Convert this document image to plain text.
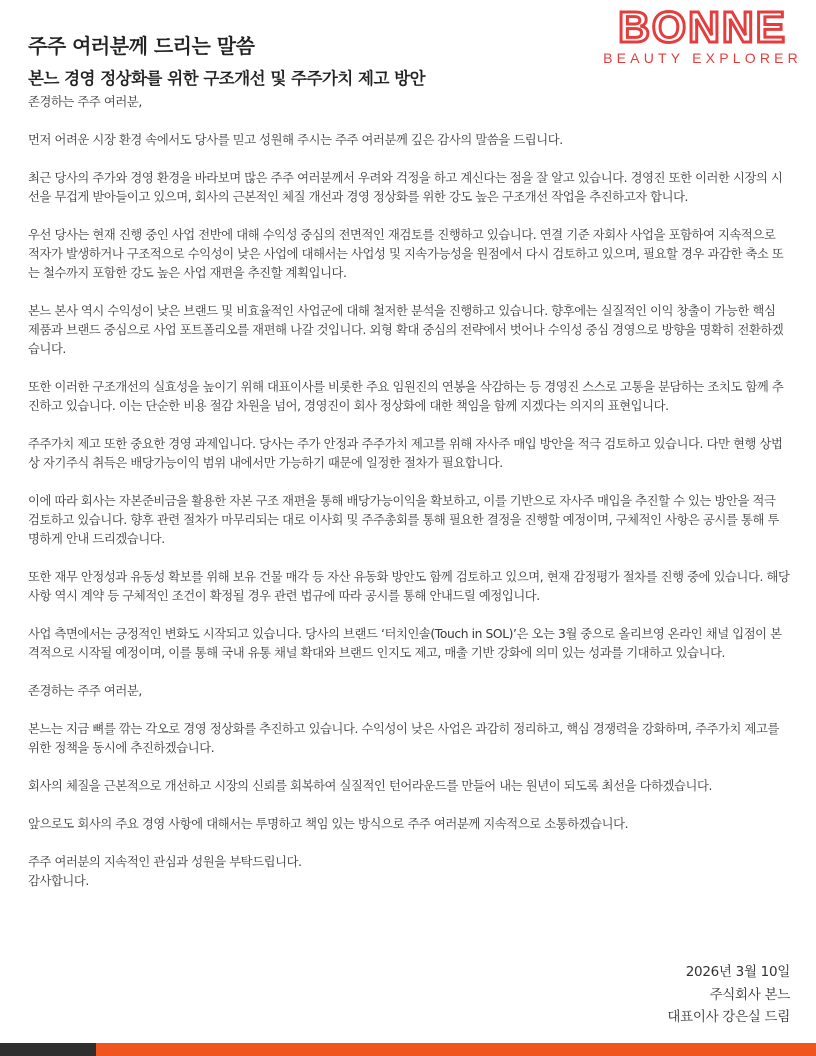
BONNE
BEAUTY EXPLORER
주주 여러분께 드리는 말씀
본느 경영 정상화를 위한 구조개선 및 주주가치 제고 방안

존경하는 주주 여러분,

먼저 어려운 시장 환경 속에서도 당사를 믿고 성원해 주시는 주주 여러분께 깊은 감사의 말씀을 드립니다.

최근 당사의 주가와 경영 환경을 바라보며 많은 주주 여러분께서 우려와 걱정을 하고 계신다는 점을 잘 알고 있습니다. 경영진 또한 이러한 시장의 시선을 무겁게 받아들이고 있으며, 회사의 근본적인 체질 개선과 경영 정상화를 위한 강도 높은 구조개선 작업을 추진하고자 합니다.

우선 당사는 현재 진행 중인 사업 전반에 대해 수익성 중심의 전면적인 재검토를 진행하고 있습니다. 연결 기준 자회사 사업을 포함하여 지속적으로 적자가 발생하거나 구조적으로 수익성이 낮은 사업에 대해서는 사업성 및 지속가능성을 원점에서 다시 검토하고 있으며, 필요할 경우 과감한 축소 또는 철수까지 포함한 강도 높은 사업 재편을 추진할 계획입니다.

본느 본사 역시 수익성이 낮은 브랜드 및 비효율적인 사업군에 대해 철저한 분석을 진행하고 있습니다. 향후에는 실질적인 이익 창출이 가능한 핵심 제품과 브랜드 중심으로 사업 포트폴리오를 재편해 나갈 것입니다. 외형 확대 중심의 전략에서 벗어나 수익성 중심 경영으로 방향을 명확히 전환하겠습니다.

또한 이러한 구조개선의 실효성을 높이기 위해 대표이사를 비롯한 주요 임원진의 연봉을 삭감하는 등 경영진 스스로 고통을 분담하는 조치도 함께 추진하고 있습니다. 이는 단순한 비용 절감 차원을 넘어, 경영진이 회사 정상화에 대한 책임을 함께 지겠다는 의지의 표현입니다.

주주가치 제고 또한 중요한 경영 과제입니다. 당사는 주가 안정과 주주가치 제고를 위해 자사주 매입 방안을 적극 검토하고 있습니다. 다만 현행 상법상 자기주식 취득은 배당가능이익 범위 내에서만 가능하기 때문에 일정한 절차가 필요합니다.

이에 따라 회사는 자본준비금을 활용한 자본 구조 재편을 통해 배당가능이익을 확보하고, 이를 기반으로 자사주 매입을 추진할 수 있는 방안을 적극 검토하고 있습니다. 향후 관련 절차가 마무리되는 대로 이사회 및 주주총회를 통해 필요한 결정을 진행할 예정이며, 구체적인 사항은 공시를 통해 투명하게 안내 드리겠습니다.

또한 재무 안정성과 유동성 확보를 위해 보유 건물 매각 등 자산 유동화 방안도 함께 검토하고 있으며, 현재 감정평가 절차를 진행 중에 있습니다. 해당 사항 역시 계약 등 구체적인 조건이 확정될 경우 관련 법규에 따라 공시를 통해 안내드릴 예정입니다.

사업 측면에서는 긍정적인 변화도 시작되고 있습니다. 당사의 브랜드 ‘터치인솔(Touch in SOL)’은 오는 3월 중으로 올리브영 온라인 채널 입점이 본격적으로 시작될 예정이며, 이를 통해 국내 유통 채널 확대와 브랜드 인지도 제고, 매출 기반 강화에 의미 있는 성과를 기대하고 있습니다.

존경하는 주주 여러분,

본느는 지금 뼈를 깎는 각오로 경영 정상화를 추진하고 있습니다. 수익성이 낮은 사업은 과감히 정리하고, 핵심 경쟁력을 강화하며, 주주가치 제고를 위한 정책을 동시에 추진하겠습니다.

회사의 체질을 근본적으로 개선하고 시장의 신뢰를 회복하여 실질적인 턴어라운드를 만들어 내는 원년이 되도록 최선을 다하겠습니다.

앞으로도 회사의 주요 경영 사항에 대해서는 투명하고 책임 있는 방식으로 주주 여러분께 지속적으로 소통하겠습니다.

주주 여러분의 지속적인 관심과 성원을 부탁드립니다.

감사합니다.

2026년 3월 10일
주식회사 본느
대표이사 강은실 드림
